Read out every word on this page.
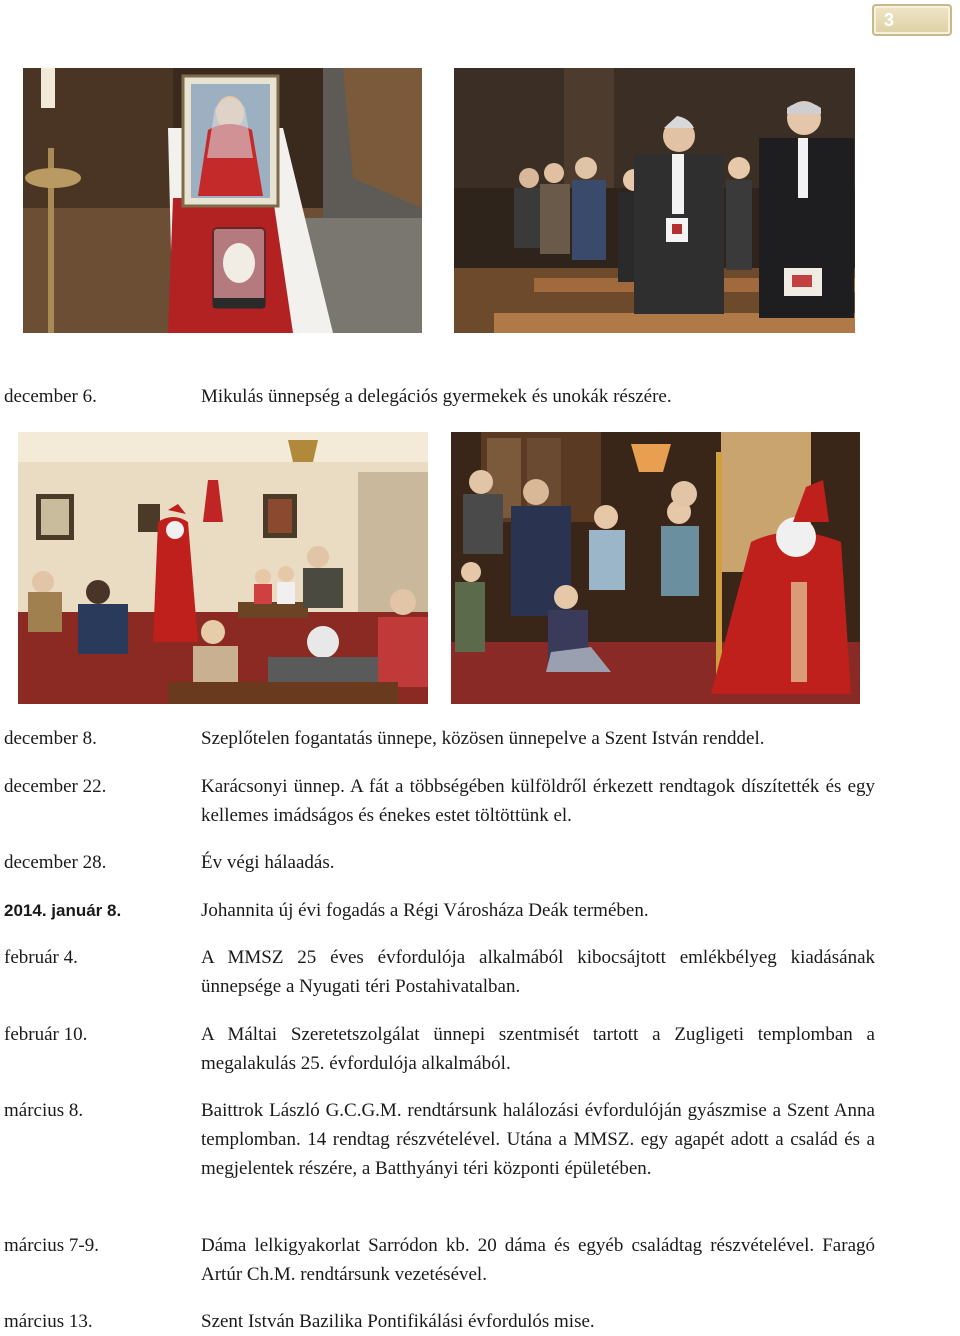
3
december 6.	Mikulás ünnepség a delegációs gyermekek és unokák részére.
december 8.	Szeplőtelen fogantatás ünnepe, közösen ünnepelve a Szent István renddel.
december 22.	Karácsonyi ünnep. A fát a többségében külföldről érkezett rendtagok díszítették és egy kellemes imádságos és énekes estet töltöttünk el.
december 28.	Év végi hálaadás.
2014. január 8.	Johannita új évi fogadás a Régi Városháza Deák termében.
február 4.	A MMSZ 25 éves évfordulója alkalmából kibocsájtott emlékbélyeg kiadásának ünnepsége a Nyugati téri Postahivatalban.
február 10.	A Máltai Szeretetszolgálat ünnepi szentmisét tartott a Zugligeti templomban a megalakulás 25. évfordulója alkalmából.
március 8.	Baittrok László G.C.G.M. rendtársunk halálozási évfordulóján gyászmise a Szent Anna templomban. 14 rendtag részvételével. Utána a MMSZ. egy agapét adott a család és a megjelentek részére, a Batthyányi téri központi épületében.
március 7-9.	Dáma lelkigyakorlat Sarródon kb. 20 dáma és egyéb családtag részvételével. Faragó Artúr Ch.M. rendtársunk vezetésével.
március 13.	Szent István Bazilika Pontifikálási évfordulós mise.
